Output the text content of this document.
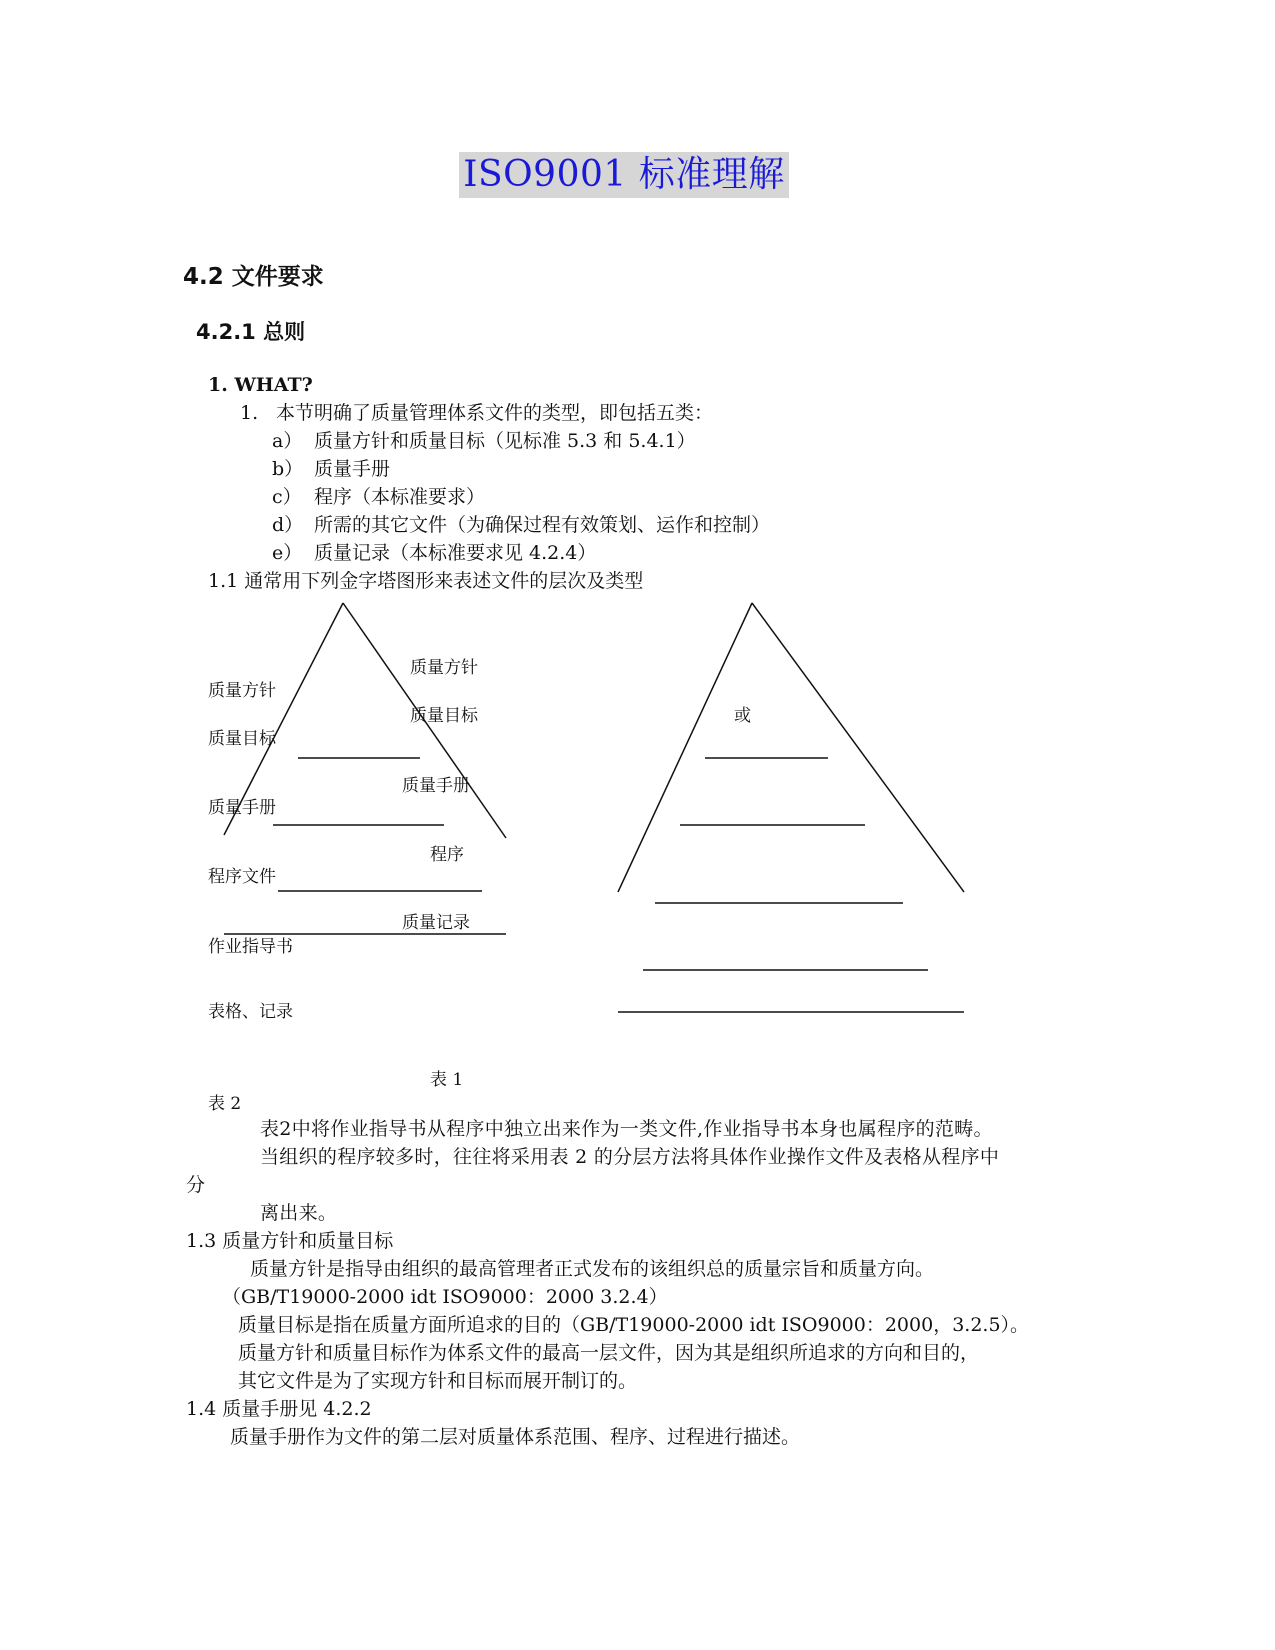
ISO9001 标准理解
4.2 文件要求
4.2.1 总则
1. WHAT?
1. 本节明确了质量管理体系文件的类型，即包括五类：
a） 质量方针和质量目标（见标准 5.3 和 5.4.1）
b） 质量手册
c） 程序（本标准要求）
d） 所需的其它文件（为确保过程有效策划、运作和控制）
e） 质量记录（本标准要求见 4.2.4）
1.1 通常用下列金字塔图形来表述文件的层次及类型
质量方针
质量目标
质量手册
程序文件
作业指导书
表格、记录
质量方针
质量目标
质量手册
程序
质量记录
或
表 1
表 2
表2中将作业指导书从程序中独立出来作为一类文件,作业指导书本身也属程序的范畴。
当组织的程序较多时，往往将采用表 2 的分层方法将具体作业操作文件及表格从程序中
分
离出来。
1.3 质量方针和质量目标
质量方针是指导由组织的最高管理者正式发布的该组织总的质量宗旨和质量方向。
（GB/T19000-2000 idt ISO9000：2000 3.2.4）
质量目标是指在质量方面所追求的目的（GB/T19000-2000 idt ISO9000：2000，3.2.5）。
质量方针和质量目标作为体系文件的最高一层文件，因为其是组织所追求的方向和目的，
其它文件是为了实现方针和目标而展开制订的。
1.4 质量手册见 4.2.2
质量手册作为文件的第二层对质量体系范围、程序、过程进行描述。
